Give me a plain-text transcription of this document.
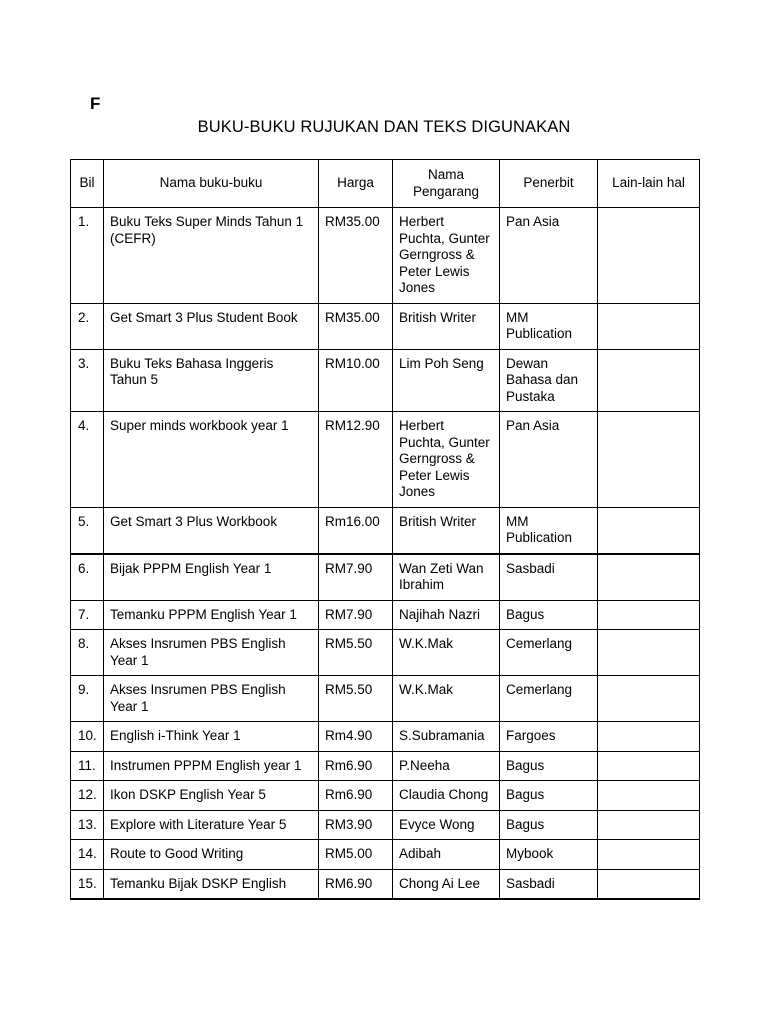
F
BUKU-BUKU RUJUKAN DAN TEKS DIGUNAKAN
Bil	Nama buku-buku	Harga	Nama Pengarang	Penerbit	Lain-lain hal
1.	Buku Teks Super Minds Tahun 1 (CEFR)	RM35.00	Herbert Puchta, Gunter Gerngross & Peter Lewis Jones	Pan Asia	
2.	Get Smart 3 Plus Student Book	RM35.00	British Writer	MM Publication	
3.	Buku Teks Bahasa Inggeris Tahun 5	RM10.00	Lim Poh Seng	Dewan Bahasa dan Pustaka	
4.	Super minds workbook year 1	RM12.90	Herbert Puchta, Gunter Gerngross & Peter Lewis Jones	Pan Asia	
5.	Get Smart 3 Plus Workbook	Rm16.00	British Writer	MM Publication	
6.	Bijak PPPM English Year 1	RM7.90	Wan Zeti Wan Ibrahim	Sasbadi	
7.	Temanku PPPM English Year 1	RM7.90	Najihah Nazri	Bagus	
8.	Akses Insrumen PBS English Year 1	RM5.50	W.K.Mak	Cemerlang	
9.	Akses Insrumen PBS English Year 1	RM5.50	W.K.Mak	Cemerlang	
10.	English i-Think Year 1	Rm4.90	S.Subramania	Fargoes	
11.	Instrumen PPPM English year 1	Rm6.90	P.Neeha	Bagus	
12.	Ikon DSKP English Year 5	Rm6.90	Claudia Chong	Bagus	
13.	Explore with Literature Year 5	RM3.90	Evyce Wong	Bagus	
14.	Route to Good Writing	RM5.00	Adibah	Mybook	
15.	Temanku Bijak DSKP English	RM6.90	Chong Ai Lee	Sasbadi	
